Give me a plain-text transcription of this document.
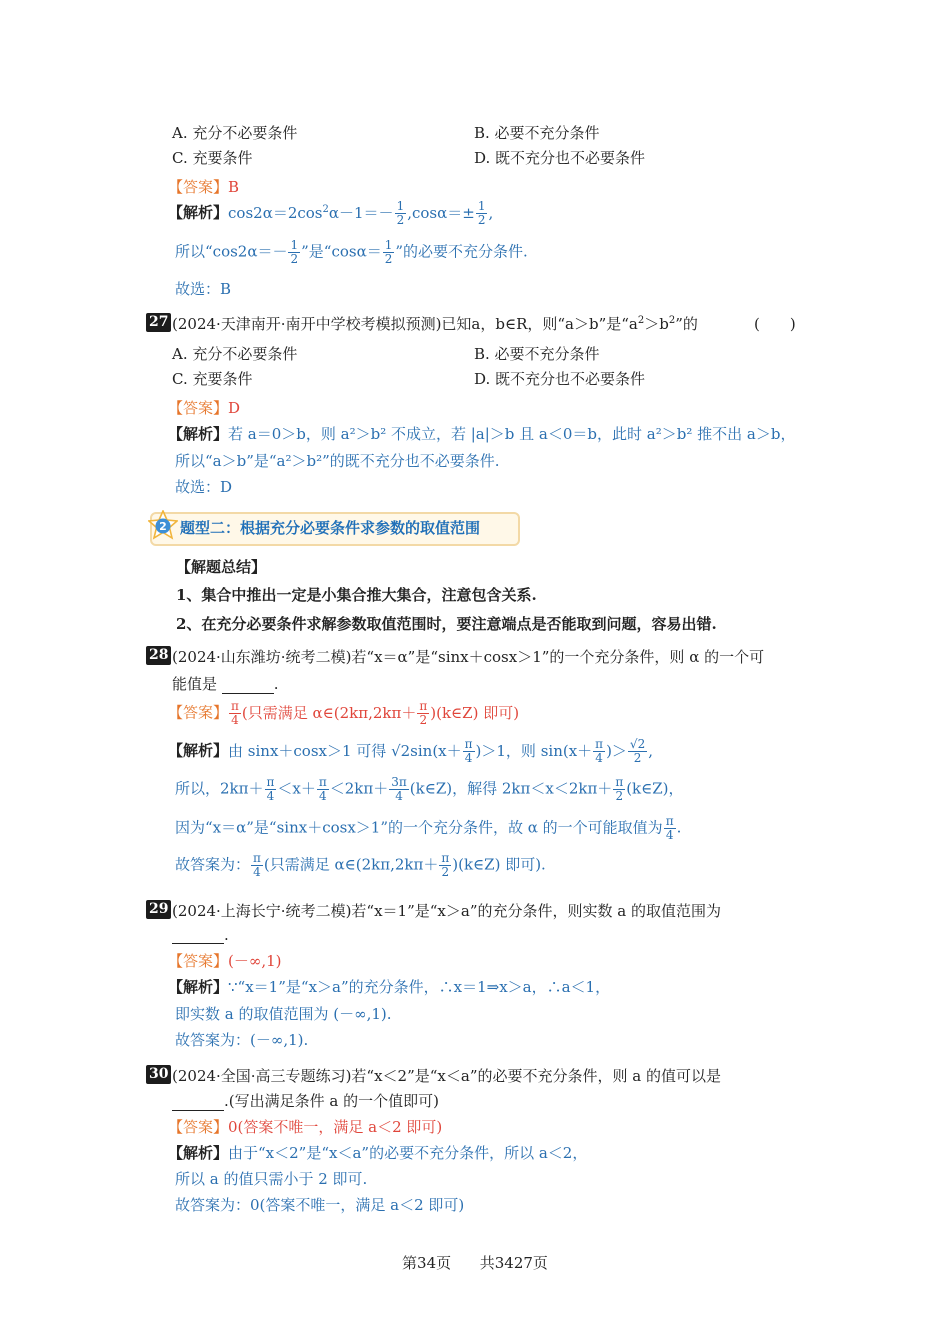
A. 充分不必要条件	B. 必要不充分条件
C. 充要条件	D. 既不充分也不必要条件
【答案】B
【解析】$\cos 2\alpha=2\cos^2\alpha-1=- \frac{1}{2} ,\cos\alpha=\pm \frac{1}{2}$ ,
所以“$\cos 2\alpha=- \frac{1}{2}$ ”是“$\cos\alpha= \frac{1}{2}$ ”的必要不充分条件.
故选：B
27 (2024·天津南开·南开中学校考模拟预测)已知a，b∈R，则“a＞b”是“$a^2>b^2$”的	(　　)
A. 充分不必要条件	B. 必要不充分条件
C. 充要条件	D. 既不充分也不必要条件
【答案】D
【解析】若 a＝0＞b，则 a²＞b² 不成立，若 |a|＞b 且 a＜0＝b，此时 a²＞b² 推不出 a＞b，
所以“a＞b”是“a²＞b²”的既不充分也不必要条件.
故选：D
2 题型二：根据充分必要条件求参数的取值范围
【解题总结】
1、集合中推出一定是小集合推大集合，注意包含关系.
2、在充分必要条件求解参数取值范围时，要注意端点是否能取到问题，容易出错.
28 (2024·山东潍坊·统考二模)若“x＝α”是“sinx＋cosx＞1”的一个充分条件，则 α 的一个可
能值是	.
【答案】 $\frac{\pi}{4}$ (只需满足 α∈(2kπ,2kπ＋ $\frac{\pi}{2}$ )(k∈Z) 即可)
【解析】由 sinx＋cosx＞1 可得 $√2\sin(x+ \frac{\pi}{4} )>1$，则 $\sin(x+ \frac{\pi}{4}$ )＞ $\frac{√2}{2}$ ,
所以，$2k\pi+ \frac{\pi}{4} <x+ \frac{\pi}{4} <2k\pi+ \frac{3\pi}{4}$ (k∈Z)，解得 $2k\pi<x<2k\pi+ \frac{\pi}{2}$ (k∈Z)，
因为“x＝α”是“sinx＋cosx＞1”的一个充分条件，故 α 的一个可能取值为 $\frac{\pi}{4}$ .
故答案为： $\frac{\pi}{4}$ (只需满足 α∈(2kπ,2kπ＋ $\frac{\pi}{2}$ )(k∈Z) 即可).
29 (2024·上海长宁·统考二模)若“x＝1”是“x＞a”的充分条件，则实数 a 的取值范围为
.
【答案】(－∞,1)
【解析】∵“x＝1”是“x＞a”的充分条件，∴x＝1⇒x＞a，∴a＜1，
即实数 a 的取值范围为 (－∞,1).
故答案为：(－∞,1).
30 (2024·全国·高三专题练习)若“x＜2”是“x＜a”的必要不充分条件，则 a 的值可以是
.(写出满足条件 a 的一个值即可)
【答案】0(答案不唯一，满足 a＜2 即可)
【解析】由于“x＜2”是“x＜a”的必要不充分条件，所以 a＜2，
所以 a 的值只需小于 2 即可.
故答案为：0(答案不唯一，满足 a＜2 即可)
第34页 共3427页
